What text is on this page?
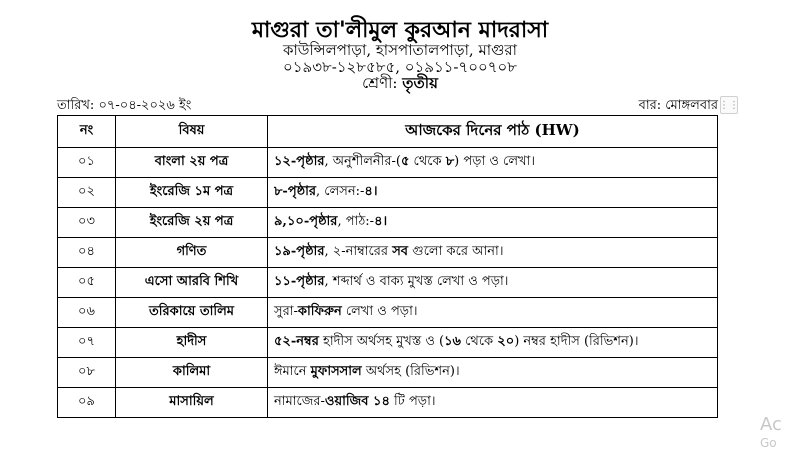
মাগুরা তা'লীমুল কুরআন মাদরাসা

কাউন্সিলপাড়া, হাসপাতালপাড়া, মাগুরা

০১৯৩৮-১২৮৫৮৫, ০১৯১১-৭০০৭০৮

শ্রেণী: তৃতীয়

তারিখ: ০৭-০৪-২০২৬ ইং	বার: মোঙ্গলবার ⋮⋮
নং	বিষয়	আজকের দিনের পাঠ (HW)
০১	বাংলা ২য় পত্র	১২-পৃষ্ঠার, অনুশীলনীর-(৫ থেকে ৮) পড়া ও লেখা।
০২	ইংরেজি ১ম পত্র	৮-পৃষ্ঠার, লেসন:-৪।
০৩	ইংরেজি ২য় পত্র	৯,১০-পৃষ্ঠার, পাঠ:-৪।
০৪	গণিত	১৯-পৃষ্ঠার, ২-নাম্বারের সব গুলো করে আনা।
০৫	এসো আরবি শিখি	১১-পৃষ্ঠার, শব্দার্থ ও বাক্য মুখস্ত লেখা ও পড়া।
০৬	তরিকায়ে তালিম	সুরা-কাফিরুন লেখা ও পড়া।
০৭	হাদীস	৫২-নম্বর হাদীস অর্থসহ মুখস্ত ও (১৬ থেকে ২০) নম্বর হাদীস (রিভিশন)।
০৮	কালিমা	ঈমানে মুফাসসাল অর্থসহ (রিভিশন)।
০৯	মাসায়িল	নামাজের-ওয়াজিব ১৪ টি পড়া।
Ac
Go
